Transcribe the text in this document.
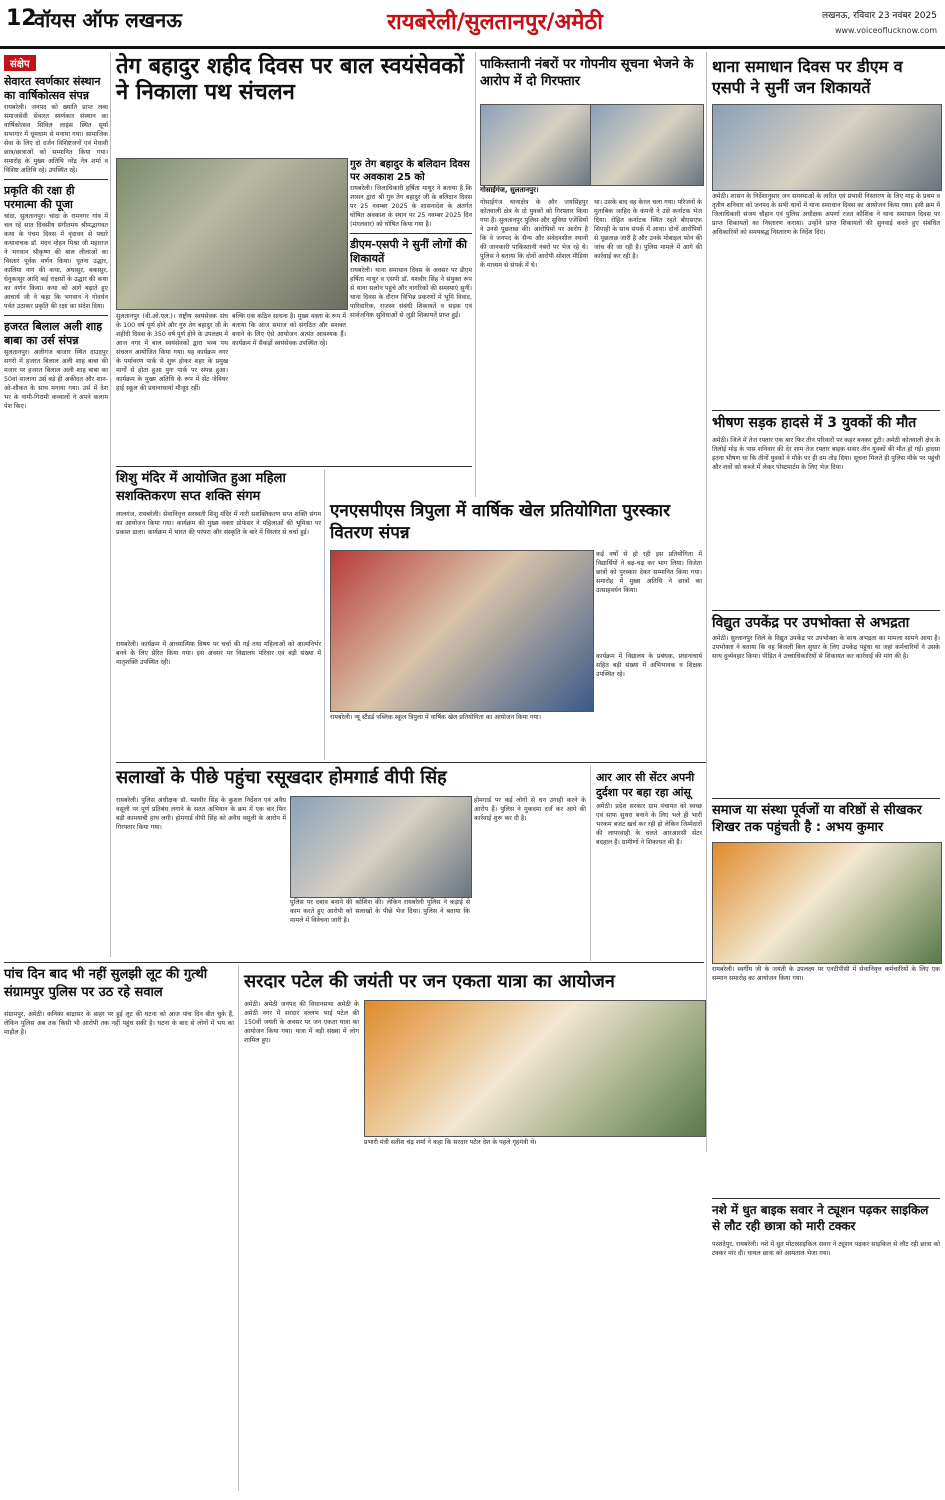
12
वॉयस ऑफ लखनऊ	रायबरेली/सुलतानपुर/अमेठी	लखनऊ, रविवार 23 नवंबर 2025
www.voiceoflucknow.com
संक्षेप
सेवारत स्वर्णकार संस्थान का वार्षिकोत्सव संपन्न
रायबरेली। जनपद को ख्याति प्राप्त लब्ध समाजसेवी सेवारत स्वर्णकार संस्थान का वार्षिकोत्सव सिविल लाइंस स्थित सूर्या सभागार में धूमधाम से मनाया गया। सामाजिक सेवा के लिए दो दर्जन विशिष्टजनों एवं मेधावी छात्र/छात्राओं को सम्मानित किया गया। समारोह के मुख्य अतिथि नरेंद्र नेत्र शर्मा व विशिष्ट अतिथि रहे। उपस्थित रहे।
प्रकृति की रक्षा ही परमात्मा की पूजा
चांदा, सुलतानपुर। चांदा के रामनगर गांव में चल रहे सात दिवसीय संगीतमय श्रीमद्भागवत कथा के पंचम दिवस में वृंदावन से पधारे कथावाचक डॉ. मदन मोहन मिश्रा जी महाराज ने भगवान श्रीकृष्ण की बाल लीलाओं का विस्तार पूर्वक वर्णन किया। पूतना उद्धार, कालिया नाग की कथा, अघासुर, बकासुर, धेनुकासुर आदि कई राक्षसों के उद्धार की कथा का वर्णन किया। कथा को आगे बढ़ाते हुए आचार्य जी ने कहा कि भगवान ने गोवर्धन पर्वत उठाकर प्रकृति की रक्षा का संदेश दिया।
हजरत बिलाल अली शाह बाबा का उर्स संपन्न
सुलतानपुर। अलीगंज बाजार स्थित दाउदपुर सगरो में हजरत बिलाल अली शाह बाबा की मजार पर हजरत बिलाल अली शाह बाबा का 50वां सालाना उर्स बड़े ही अकीदत और शान-ओ-शौकत के साथ मनाया गया। उर्स में देश भर के नामी-गिरामी कव्वालों ने अपने कलाम पेश किए।
तेग बहादुर शहीद दिवस पर बाल स्वयंसेवकों ने निकाला पथ संचलन
सुलतानपुर (वी.ओ.एल.)। राष्ट्रीय स्वयंसेवक संघ के 100 वर्ष पूर्ण होने और गुरु तेग बहादुर जी के शहीदी दिवस के 350 वर्ष पूर्ण होने के उपलक्ष्य में आज नगर में बाल स्वयंसेवकों द्वारा भव्य पथ संचलन आयोजित किया गया। यह कार्यक्रम नगर के पर्यावरण पार्क से शुरू होकर शहर के प्रमुख मार्गों से होता हुआ पुनः पार्क पर संपन्न हुआ। कार्यक्रम के मुख्य अतिथि के रूप में सेंट जेवियर हाई स्कूल की प्रधानाचार्या मौजूद रहीं।
बल्कि एक कठिन साधना है। मुख्य वक्ता के रूप में बताया कि आज समाज को संगठित और सशक्त बनाने के लिए ऐसे आयोजन अत्यंत आवश्यक हैं। कार्यक्रम में सैकड़ों स्वयंसेवक उपस्थित रहे।
गुरु तेग बहादुर के बलिदान दिवस पर अवकाश 25 को
रायबरेली। जिलाधिकारी हर्षिता माथुर ने बताया है कि शासन द्वारा श्री गुरु तेग बहादुर जी के बलिदान दिवस पर 25 नवम्बर 2025 के शासनादेश के अंतर्गत घोषित अवकाश के स्थान पर 25 नवम्बर 2025 दिन (मंगलवार) को घोषित किया गया है।
डीएम-एसपी ने सुनीं लोगों की शिकायतें
रायबरेली। थाना समाधान दिवस के अवसर पर डीएम हर्षिता माथुर व एसपी डॉ. यशवीर सिंह ने संयुक्त रूप से थाना सलोन पहुंचे और नागरिकों की समस्याएं सुनीं। थाना दिवस के दौरान विभिन्न प्रकरणों में भूमि विवाद, पारिवारिक, राजस्व संबंधी शिकायतें व सड़क एवं सार्वजनिक सुविधाओं से जुड़ी शिकायतें प्राप्त हुईं।
पाकिस्तानी नंबरों पर गोपनीय सूचना भेजने के आरोप में दो गिरफ्तार
गोसाईगंज, सुलतानपुर।
गोसाईगंज थानाक्षेत्र के और जयसिंहपुर कोतवाली क्षेत्र के दो युवकों को गिरफ्तार किया गया है। सुलतानपुर पुलिस और सुविधा एजेंसियों ने उनसे पूछताछ की। आरोपियों पर आरोप है कि वे जनपद के सैन्य और संवेदनशील स्थानों की जानकारी पाकिस्तानी नंबरों पर भेज रहे थे। पुलिस ने बताया कि दोनों आरोपी सोशल मीडिया के माध्यम से संपर्क में थे।
था। उसके बाद वह केरल चला गया। परिजनों के मुताबिक जाहिद के कंपनी ने उसे कर्नाटक भेज दिया। रोहित कर्नाटक स्थित रहते बीएसएफ सिपाही के साथ संपर्क में आया। दोनों आरोपियों से पूछताछ जारी है और उनके मोबाइल फोन की जांच की जा रही है। पुलिस मामले में आगे की कार्रवाई कर रही है।
थाना समाधान दिवस पर डीएम व एसपी ने सुनीं जन शिकायतें
अमेठी। शासन के निर्देशानुसार जन समस्याओं के त्वरित एवं प्रभावी निस्तारण के लिए माह के प्रथम व तृतीय शनिवार को जनपद के सभी थानों में थाना समाधान दिवस का आयोजन किया गया। इसी क्रम में जिलाधिकारी संजय चौहान एवं पुलिस अधीक्षक अपर्णा रजत कौशिक ने थाना समाधान दिवस पर प्राप्त शिकायतों का निस्तारण कराया। उन्होंने प्राप्त शिकायतों की सुनवाई करते हुए संबंधित अधिकारियों को समयबद्ध निस्तारण के निर्देश दिए।
भीषण सड़क हादसे में 3 युवकों की मौत
अमेठी। जिले में तेज रफ्तार एक बार फिर तीन परिवारों पर कहर बनकर टूटी। अमेठी कोतवाली क्षेत्र के तिलोई मोड़ के पास शनिवार की देर शाम तेज रफ्तार बाइक सवार तीन युवकों की मौत हो गई। हादसा इतना भीषण था कि तीनों युवकों ने मौके पर ही दम तोड़ दिया। सूचना मिलते ही पुलिस मौके पर पहुंची और शवों को कब्जे में लेकर पोस्टमार्टम के लिए भेज दिया।
विद्युत उपकेंद्र पर उपभोक्ता से अभद्रता
अमेठी। सुल्तानपुर जिले के विद्युत उपकेंद्र पर उपभोक्ता के साथ अभद्रता का मामला सामने आया है। उपभोक्ता ने बताया कि वह बिजली बिल सुधार के लिए उपकेंद्र पहुंचा था जहां कर्मचारियों ने उसके साथ दुर्व्यवहार किया। पीड़ित ने उच्चाधिकारियों से शिकायत कर कार्रवाई की मांग की है।
समाज या संस्था पूर्वजों या वरिष्ठों से सीखकर शिखर तक पहुंचती है : अभय कुमार
रायबरेली। स्वर्गीय जी के जयंती के उपलक्ष्य पर एनटीपीसी में सेवानिवृत्त कर्मचारियों के लिए एक सम्मान समारोह का आयोजन किया गया।
शिशु मंदिर में आयोजित हुआ महिला सशक्तिकरण सप्त शक्ति संगम
लालगंज, रायबरेली। सेवानिवृत्त सरस्वती शिशु मंदिर में नारी सशक्तिकरण सप्त शक्ति संगम का आयोजन किया गया। कार्यक्रम की मुख्य वक्ता प्रोफेसर ने महिलाओं की भूमिका पर प्रकाश डाला। कार्यक्रम में भारत की परंपरा और संस्कृति के बारे में विस्तार से चर्चा हुई।
रायबरेली। कार्यक्रम में आध्यात्मिक विषय पर चर्चा की गई तथा महिलाओं को आत्मनिर्भर बनने के लिए प्रेरित किया गया। इस अवसर पर विद्यालय परिवार एवं बड़ी संख्या में मातृशक्ति उपस्थित रही।
एनएसपीएस त्रिपुला में वार्षिक खेल प्रतियोगिता पुरस्कार वितरण संपन्न
रायबरेली। न्यू स्टैंडर्ड पब्लिक स्कूल त्रिपुला में वार्षिक खेल प्रतियोगिता का आयोजन किया गया।
कई वर्षों से हो रही इस प्रतियोगिता में विद्यार्थियों ने बढ़-चढ़ कर भाग लिया। विजेता छात्रों को पुरस्कार देकर सम्मानित किया गया। समारोह में मुख्य अतिथि ने छात्रों का उत्साहवर्धन किया।
कार्यक्रम में विद्यालय के प्रबंधक, प्रधानाचार्य सहित बड़ी संख्या में अभिभावक व शिक्षक उपस्थित रहे।
सलाखों के पीछे पहुंचा रसूखदार होमगार्ड वीपी सिंह
रायबरेली। पुलिस अधीक्षक डॉ. यशवीर सिंह के कुशल निर्देशन एवं अवैध वसूली पर पूर्ण प्रतिबंध लगाने के सतत अभियान के क्रम में एक बार फिर बड़ी कामयाबी हाथ लगी। होमगार्ड वीपी सिंह को अवैध वसूली के आरोप में गिरफ्तार किया गया।
पुलिस पर दबाव बनाने की कोशिश की। लेकिन रायबरेली पुलिस ने कड़ाई से काम करते हुए आरोपी को सलाखों के पीछे भेज दिया। पुलिस ने बताया कि मामले में विवेचना जारी है।
होमगार्ड पर कई लोगों से धन उगाही करने के आरोप हैं। पुलिस ने मुकदमा दर्ज कर आगे की कार्रवाई शुरू कर दी है।
आर आर सी सेंटर अपनी दुर्दशा पर बहा रहा आंसू
अमेठी। प्रदेश सरकार ग्राम पंचायत को स्वच्छ एवं साफ सुथरा बनाने के लिए भले ही भारी भरकम बजट खर्च कर रही हो लेकिन जिम्मेदारों की लापरवाही के चलते आरआरसी सेंटर बदहाल हैं। ग्रामीणों ने शिकायत की है।
पांच दिन बाद भी नहीं सुलझी लूट की गुत्थी संग्रामपुर पुलिस पर उठ रहे सवाल
संग्रामपुर, अमेठी। कनिका बाद्रासर के बाहर पर हुई लूट की घटना को आज पांच दिन बीत चुके हैं, लेकिन पुलिस अब तक किसी भी आरोपी तक नहीं पहुंच सकी है। घटना के बाद से लोगों में भय का माहौल है।
सरदार पटेल की जयंती पर जन एकता यात्रा का आयोजन
अमेठी। अमेठी जनपद की विधानसभा अमेठी के अमेठी नगर में सरदार वल्लभ भाई पटेल की 150वीं जयंती के अवसर पर जन एकता यात्रा का आयोजन किया गया। यात्रा में बड़ी संख्या में लोग शामिल हुए।
प्रभारी मंत्री सतीश चंद्र शर्मा ने कहा कि सरदार पटेल देश के पहले गृहमंत्री थे।
नशे में धुत बाइक सवार ने ट्यूशन पढ़कर साइकिल से लौट रही छात्रा को मारी टक्कर
परशदेपुर, रायबरेली। नशे में धुत मोटरसाइकिल सवार ने ट्यूशन पढ़कर साइकिल से लौट रही छात्रा को टक्कर मार दी। घायल छात्रा को अस्पताल भेजा गया।
